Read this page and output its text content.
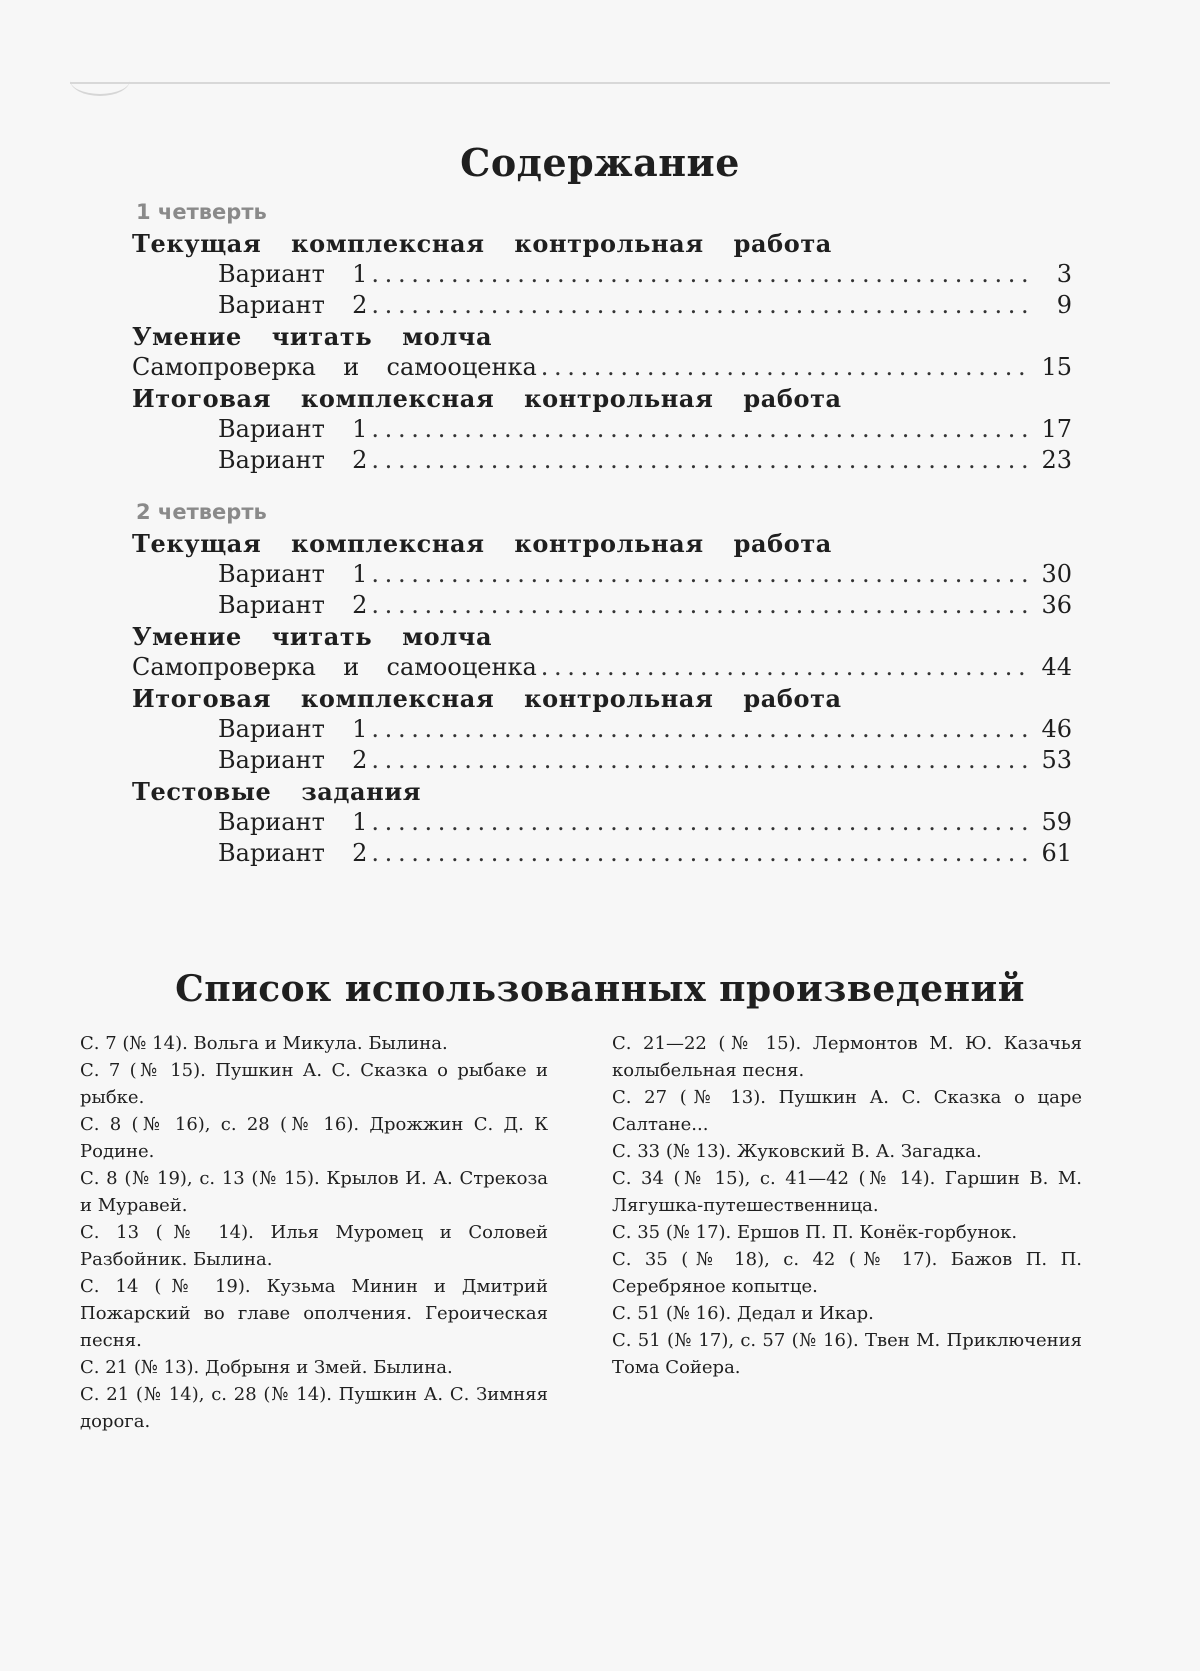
Содержание
1 четверть
Текущая  комплексная  контрольная  работа
Вариант  1 . . .	3
Вариант  2 . . .	9
Умение  читать  молча
Самопроверка  и  самооценка . . .	15
Итоговая  комплексная  контрольная  работа
Вариант  1 . . .	17
Вариант  2 . . .	23
2 четверть
Текущая  комплексная  контрольная  работа
Вариант  1 . . .	30
Вариант  2 . . .	36
Умение  читать  молча
Самопроверка  и  самооценка . . .	44
Итоговая  комплексная  контрольная  работа
Вариант  1 . . .	46
Вариант  2 . . .	53
Тестовые  задания
Вариант  1 . . .	59
Вариант  2 . . .	61
Список использованных произведений

С. 7 (№ 14). Вольга и Микула. Былина.

С. 7 (№ 15). Пушкин А. С. Сказка о рыбаке и рыбке.

С. 8 (№ 16), с. 28 (№ 16). Дрожжин С. Д. К Родине.

С. 8 (№ 19), с. 13 (№ 15). Крылов И. А. Стрекоза и Муравей.

С. 13 (№ 14). Илья Муромец и Соловей Разбойник. Былина.

С. 14 (№ 19). Кузьма Минин и Дмитрий Пожарский во главе ополчения. Героическая песня.

С. 21 (№ 13). Добрыня и Змей. Былина.

С. 21 (№ 14), с. 28 (№ 14). Пушкин А. С. Зимняя дорога.

С. 21—22 (№ 15). Лермонтов М. Ю. Казачья колыбельная песня.

С. 27 (№ 13). Пушкин А. С. Сказка о царе Салтане...

С. 33 (№ 13). Жуковский В. А. Загадка.

С. 34 (№ 15), с. 41—42 (№ 14). Гаршин В. М. Лягушка-путешественница.

С. 35 (№ 17). Ершов П. П. Конёк-горбунок.

С. 35 (№ 18), с. 42 (№ 17). Бажов П. П. Серебряное копытце.

С. 51 (№ 16). Дедал и Икар.

С. 51 (№ 17), с. 57 (№ 16). Твен М. Приключения Тома Сойера.
